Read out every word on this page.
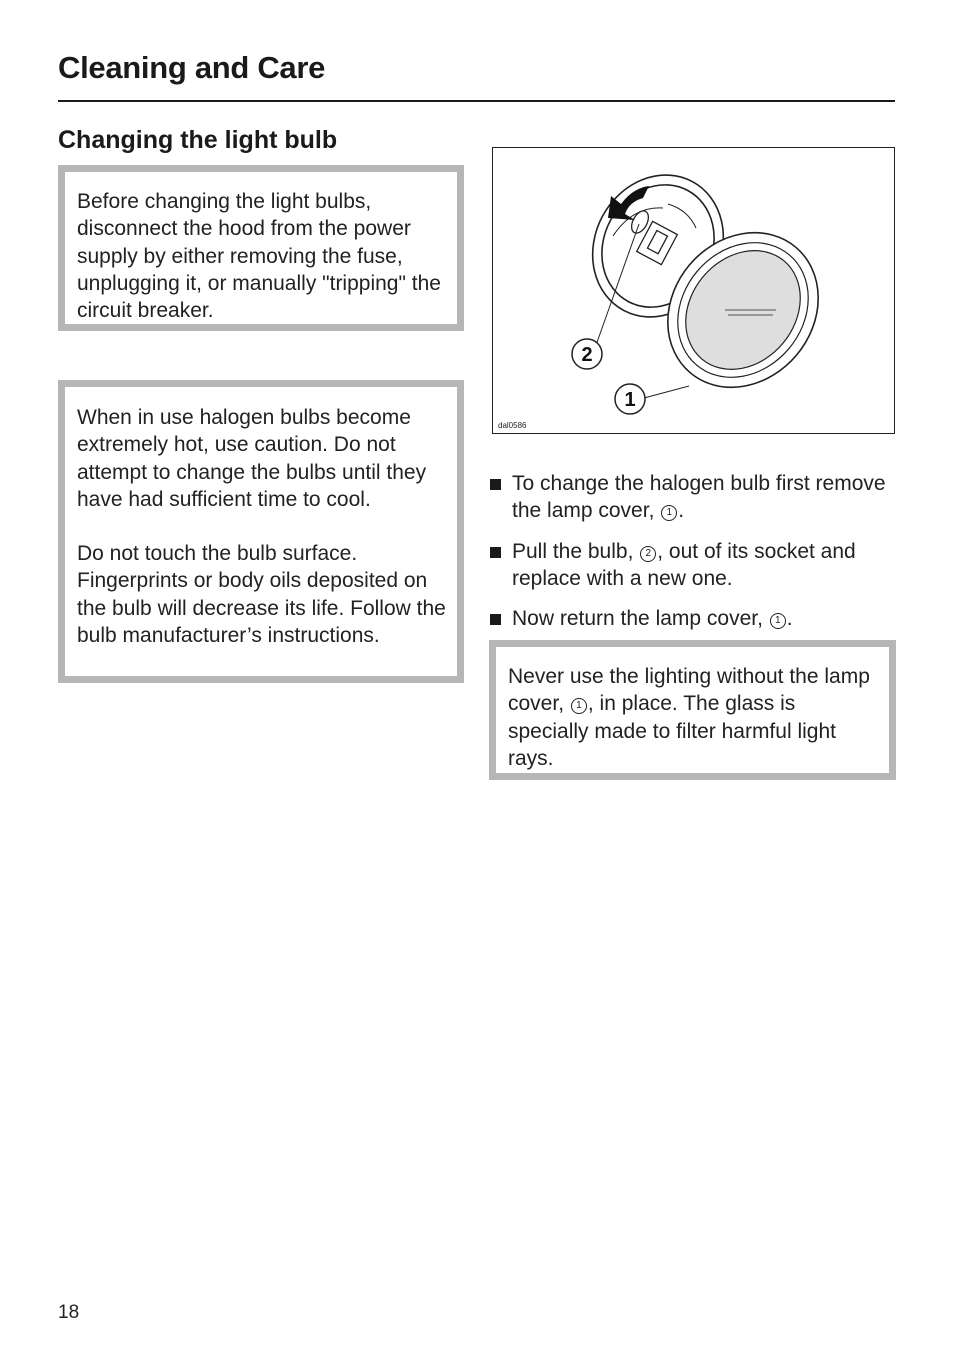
Cleaning and Care
Changing the light bulb

Before changing the light bulbs, disconnect the hood from the power supply by either removing the fuse, unplugging it, or manually "tripping" the circuit breaker.

When in use halogen bulbs become extremely hot, use caution. Do not attempt to change the bulbs until they have had sufficient time to cool.

Do not touch the bulb surface. Fingerprints or body oils deposited on the bulb will decrease its life. Follow the bulb manufacturer’s instructions.

2
1
dal0586
To change the halogen bulb first remove the lamp cover, 1 .
Pull the bulb, 2 , out of its socket and replace with a new one.
Now return the lamp cover, 1 .

Never use the lighting without the lamp cover, 1 , in place. The glass is specially made to filter harmful light rays.

18
